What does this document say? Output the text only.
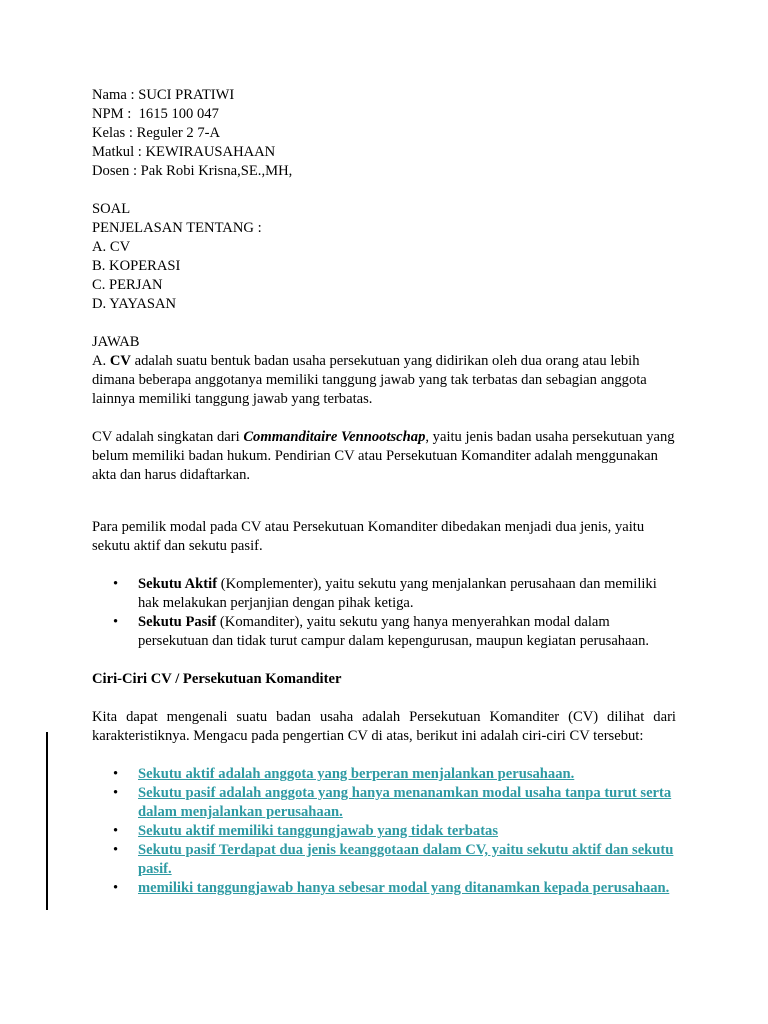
Nama : SUCI PRATIWI
NPM :  1615 100 047
Kelas : Reguler 2 7-A
Matkul : KEWIRAUSAHAAN
Dosen : Pak Robi Krisna,SE.,MH,
SOAL
PENJELASAN TENTANG :
A. CV
B. KOPERASI
C. PERJAN
D. YAYASAN
JAWAB

A. CV adalah suatu bentuk badan usaha persekutuan yang didirikan oleh dua orang atau lebih dimana beberapa anggotanya memiliki tanggung jawab yang tak terbatas dan sebagian anggota lainnya memiliki tanggung jawab yang terbatas.

CV adalah singkatan dari Commanditaire Vennootschap, yaitu jenis badan usaha persekutuan yang belum memiliki badan hukum. Pendirian CV atau Persekutuan Komanditer adalah menggunakan akta dan harus didaftarkan.

Para pemilik modal pada CV atau Persekutuan Komanditer dibedakan menjadi dua jenis, yaitu sekutu aktif dan sekutu pasif.

• Sekutu Aktif (Komplementer), yaitu sekutu yang menjalankan perusahaan dan memiliki hak melakukan perjanjian dengan pihak ketiga.
• Sekutu Pasif (Komanditer), yaitu sekutu yang hanya menyerahkan modal dalam persekutuan dan tidak turut campur dalam kepengurusan, maupun kegiatan perusahaan.
Ciri-Ciri CV / Persekutuan Komanditer

Kita dapat mengenali suatu badan usaha adalah Persekutuan Komanditer (CV) dilihat dari karakteristiknya. Mengacu pada pengertian CV di atas, berikut ini adalah ciri-ciri CV tersebut:

• Sekutu aktif adalah anggota yang berperan menjalankan perusahaan.
• Sekutu pasif adalah anggota yang hanya menanamkan modal usaha tanpa turut serta dalam menjalankan perusahaan.
• Sekutu aktif memiliki tanggungjawab yang tidak terbatas
• Sekutu pasif Terdapat dua jenis keanggotaan dalam CV, yaitu sekutu aktif dan sekutu pasif.
• memiliki tanggungjawab hanya sebesar modal yang ditanamkan kepada perusahaan.
